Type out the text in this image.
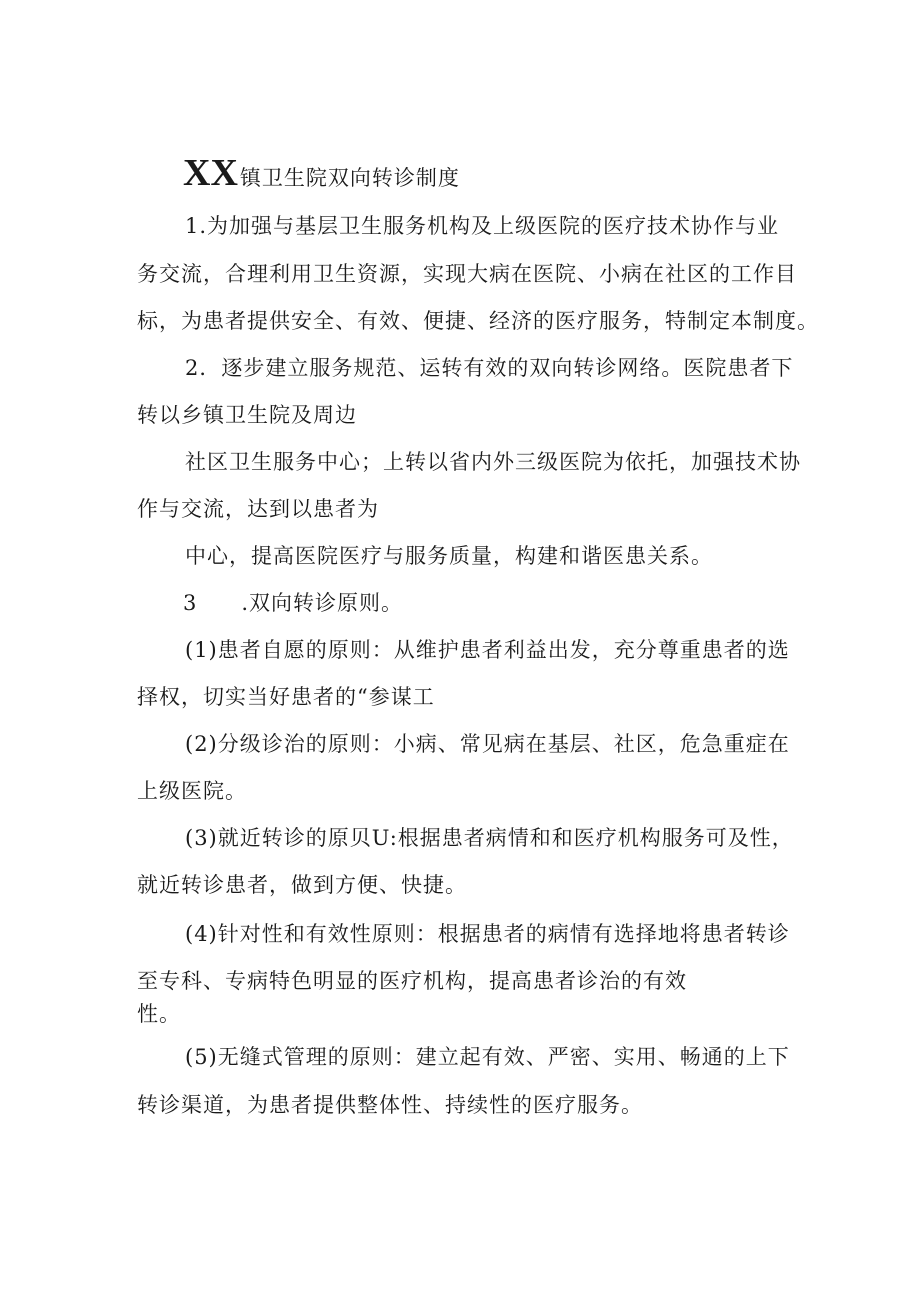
XX镇卫生院双向转诊制度
1.为加强与基层卫生服务机构及上级医院的医疗技术协作与业
务交流，合理利用卫生资源，实现大病在医院、小病在社区的工作目
标，为患者提供安全、有效、便捷、经济的医疗服务，特制定本制度。
2．逐步建立服务规范、运转有效的双向转诊网络。医院患者下
转以乡镇卫生院及周边
社区卫生服务中心；上转以省内外三级医院为依托，加强技术协
作与交流，达到以患者为
中心，提高医院医疗与服务质量，构建和谐医患关系。
3　　.双向转诊原则。
(1)患者自愿的原则：从维护患者利益出发，充分尊重患者的选
择权，切实当好患者的“参谋工
(2)分级诊治的原则：小病、常见病在基层、社区，危急重症在
上级医院。
(3)就近转诊的原贝U:根据患者病情和和医疗机构服务可及性，
就近转诊患者，做到方便、快捷。
(4)针对性和有效性原则：根据患者的病情有选择地将患者转诊
至专科、专病特色明显的医疗机构，提高患者诊治的有效
性。
(5)无缝式管理的原则：建立起有效、严密、实用、畅通的上下
转诊渠道，为患者提供整体性、持续性的医疗服务。
